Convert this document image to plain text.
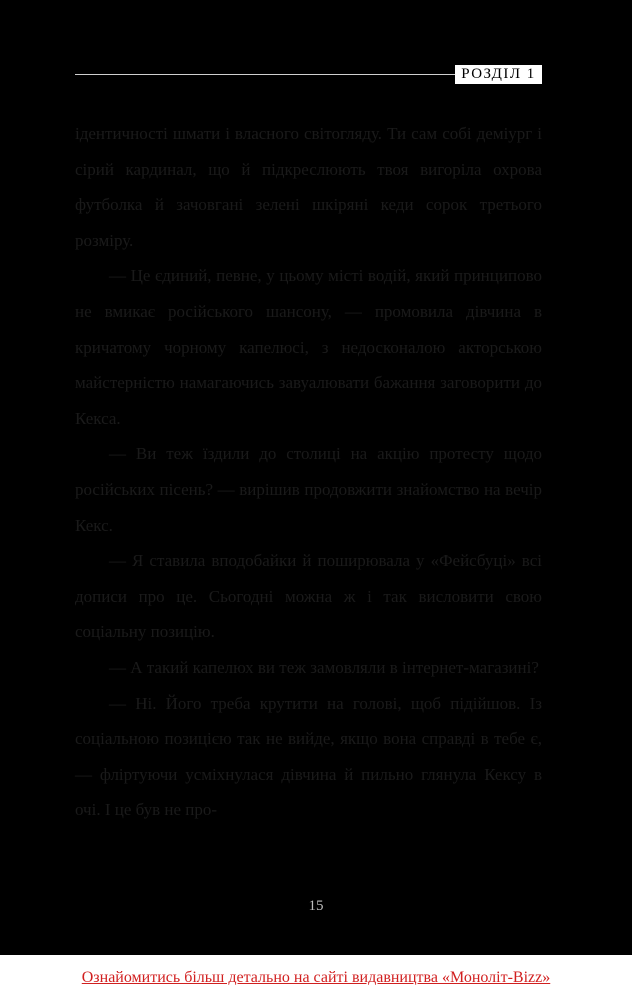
РОЗДІЛ 1

ідентичності шмати і власного світогляду. Ти сам собі деміург і сірий кардинал, що й підкреслюють твоя вигоріла охрова футболка й зачовгані зелені шкіряні кеди сорок третього розміру.

— Це єдиний, певне, у цьому місті водій, який принципово не вмикає російського шансону, — промовила дівчина в кричатому чорному капелюсі, з недосконалою акторською майстерністю намагаючись завуалювати бажання заговорити до Кекса.

— Ви теж їздили до столиці на акцію протесту щодо російських пісень? — вирішив продовжити знайомство на вечір Кекс.

— Я ставила вподобайки й поширювала у «Фейсбуці» всі дописи про це. Сьогодні можна ж і так висловити свою соціальну позицію.

— А такий капелюх ви теж замовляли в інтернет-магазині?

— Ні. Його треба крутити на голові, щоб підійшов. Із соціальною позицією так не вийде, якщо вона справді в тебе є, — фліртуючи усміхнулася дівчина й пильно глянула Кексу в очі. І це був не про-

15
Ознайомитись більш детально на сайті видавництва «Моноліт-Bizz»
